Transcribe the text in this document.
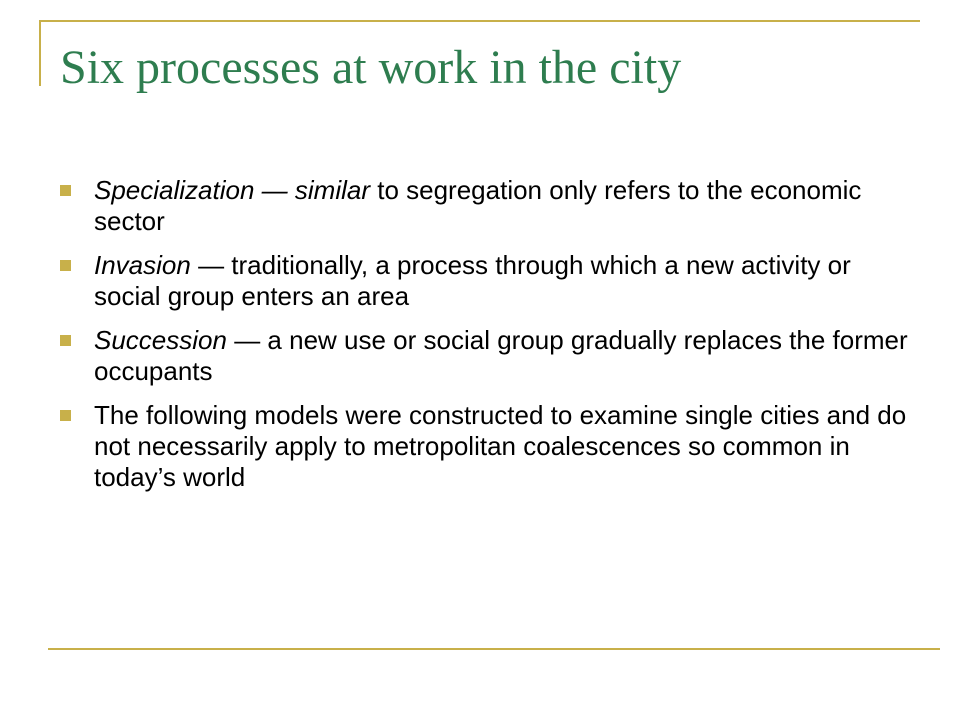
Six processes at work in the city
Specialization — similar to segregation only refers to the economic sector
Invasion — traditionally, a process through which a new activity or social group enters an area
Succession — a new use or social group gradually replaces the former occupants
The following models were constructed to examine single cities and do not necessarily apply to metropolitan coalescences so common in today’s world
